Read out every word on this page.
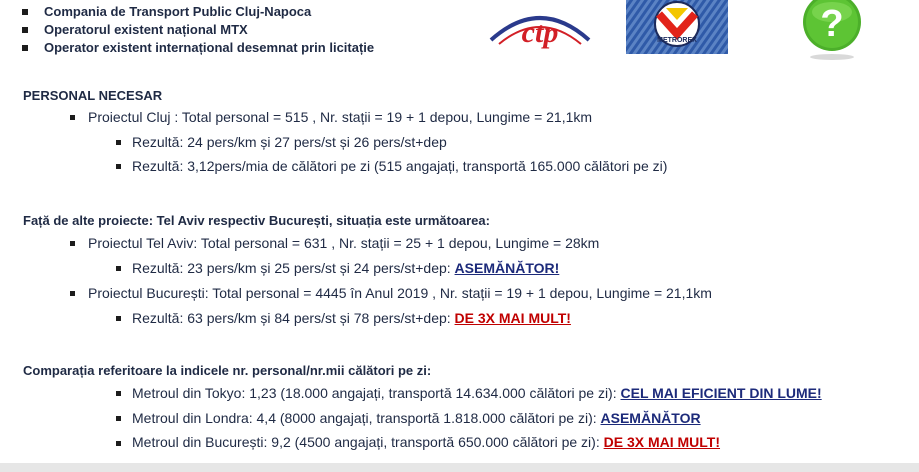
Compania de Transport Public Cluj-Napoca
Operatorul existent național MTX
Operator existent internațional desemnat prin licitație	ctp	METROREX	?
PERSONAL NECESAR
Proiectul Cluj : Total personal = 515 , Nr. stații = 19 + 1 depou, Lungime = 21,1km
Rezultă: 24 pers/km și 27 pers/st și 26 pers/st+dep
Rezultă: 3,12pers/mia de călători pe zi (515 angajați, transportă 165.000 călători pe zi)
Față de alte proiecte: Tel Aviv respectiv București, situația este următoarea:
Proiectul Tel Aviv: Total personal = 631 , Nr. stații = 25 + 1 depou, Lungime = 28km
Rezultă: 23 pers/km și 25 pers/st și 24 pers/st+dep: ASEMĂNĂTOR!
Proiectul București: Total personal = 4445 în Anul 2019 , Nr. stații = 19 + 1 depou, Lungime = 21,1km
Rezultă: 63 pers/km și 84 pers/st și 78 pers/st+dep: DE 3X MAI MULT!
Comparația referitoare la indicele nr. personal/nr.mii călători pe zi:
Metroul din Tokyo: 1,23 (18.000 angajați, transportă 14.634.000 călători pe zi): CEL MAI EFICIENT DIN LUME!
Metroul din Londra: 4,4 (8000 angajați, transportă 1.818.000 călători pe zi): ASEMĂNĂTOR
Metroul din București: 9,2 (4500 angajați, transportă 650.000 călători pe zi): DE 3X MAI MULT!
